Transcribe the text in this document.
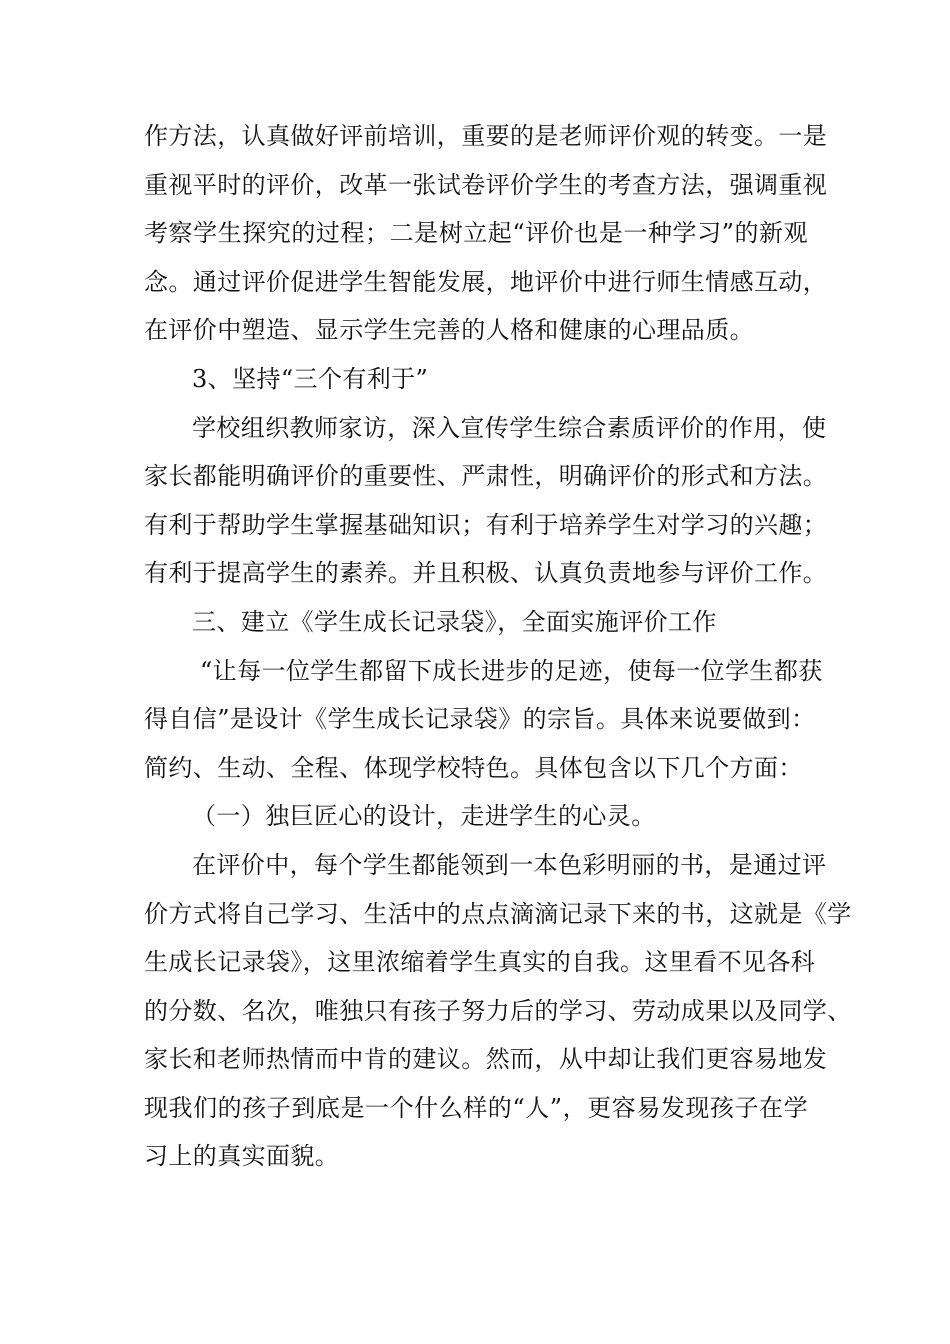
作方法，认真做好评前培训，重要的是老师评价观的转变。一是

重视平时的评价，改革一张试卷评价学生的考查方法，强调重视

考察学生探究的过程；二是树立起“评价也是一种学习”的新观

念。通过评价促进学生智能发展，地评价中进行师生情感互动，

在评价中塑造、显示学生完善的人格和健康的心理品质。

3、坚持“三个有利于”

学校组织教师家访，深入宣传学生综合素质评价的作用，使

家长都能明确评价的重要性、严肃性，明确评价的形式和方法。

有利于帮助学生掌握基础知识；有利于培养学生对学习的兴趣；

有利于提高学生的素养。并且积极、认真负责地参与评价工作。

三、建立《学生成长记录袋》，全面实施评价工作

“让每一位学生都留下成长进步的足迹，使每一位学生都获

得自信”是设计《学生成长记录袋》的宗旨。具体来说要做到：

简约、生动、全程、体现学校特色。具体包含以下几个方面：

（一）独巨匠心的设计，走进学生的心灵。

在评价中，每个学生都能领到一本色彩明丽的书，是通过评

价方式将自己学习、生活中的点点滴滴记录下来的书，这就是《学

生成长记录袋》，这里浓缩着学生真实的自我。这里看不见各科

的分数、名次，唯独只有孩子努力后的学习、劳动成果以及同学、

家长和老师热情而中肯的建议。然而，从中却让我们更容易地发

现我们的孩子到底是一个什么样的“人”，更容易发现孩子在学

习上的真实面貌。
